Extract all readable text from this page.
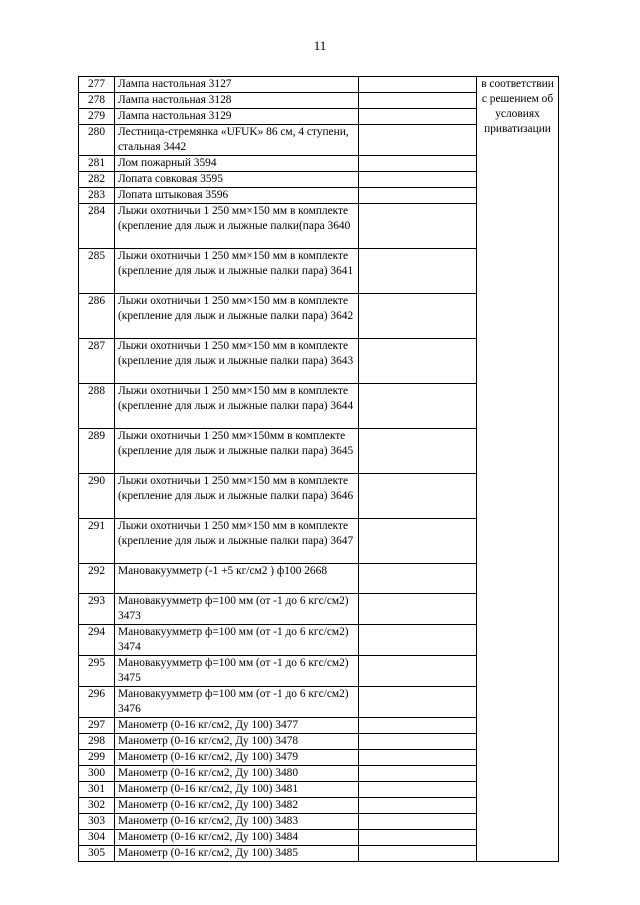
11
277	Лампа настольная 3127		в соответствии с решением об условиях приватизации
278	Лампа настольная 3128		
279	Лампа настольная 3129		
280	Лестница-стремянка «UFUK» 86 см, 4 ступени, стальная 3442		
281	Лом пожарный 3594		
282	Лопата совковая 3595		
283	Лопата штыковая 3596		
284	Лыжи охотничьи 1 250 мм×150 мм в комплекте (крепление для лыж и лыжные палки(пара 3640		
285	Лыжи охотничьи 1 250 мм×150 мм в комплекте (крепление для лыж и лыжные палки пара) 3641		
286	Лыжи охотничьи 1 250 мм×150 мм в комплекте (крепление для лыж и лыжные палки пара) 3642		
287	Лыжи охотничьи 1 250 мм×150 мм в комплекте (крепление для лыж и лыжные палки пара) 3643		
288	Лыжи охотничьи 1 250 мм×150 мм в комплекте (крепление для лыж и лыжные палки пара) 3644		
289	Лыжи охотничьи 1 250 мм×150мм в комплекте (крепление для лыж и лыжные палки пара) 3645		
290	Лыжи охотничьи 1 250 мм×150 мм в комплекте (крепление для лыж и лыжные палки пара) 3646		
291	Лыжи охотничьи 1 250 мм×150 мм в комплекте (крепление для лыж и лыжные палки пара) 3647		
292	Мановакуумметр (-1 +5 кг/см2 ) ф100 2668		
293	Мановакуумметр ф=100 мм (от -1 до 6 кгс/см2) 3473		
294	Мановакуумметр ф=100 мм (от -1 до 6 кгс/см2) 3474		
295	Мановакуумметр ф=100 мм (от -1 до 6 кгс/см2) 3475		
296	Мановакуумметр ф=100 мм (от -1 до 6 кгс/см2) 3476		
297	Манометр (0-16 кг/см2, Ду 100) 3477		
298	Манометр (0-16 кг/см2, Ду 100) 3478		
299	Манометр (0-16 кг/см2, Ду 100) 3479		
300	Манометр (0-16 кг/см2, Ду 100) 3480		
301	Манометр (0-16 кг/см2, Ду 100) 3481		
302	Манометр (0-16 кг/см2, Ду 100) 3482		
303	Манометр (0-16 кг/см2, Ду 100) 3483		
304	Манометр (0-16 кг/см2, Ду 100) 3484		
305	Манометр (0-16 кг/см2, Ду 100) 3485		
